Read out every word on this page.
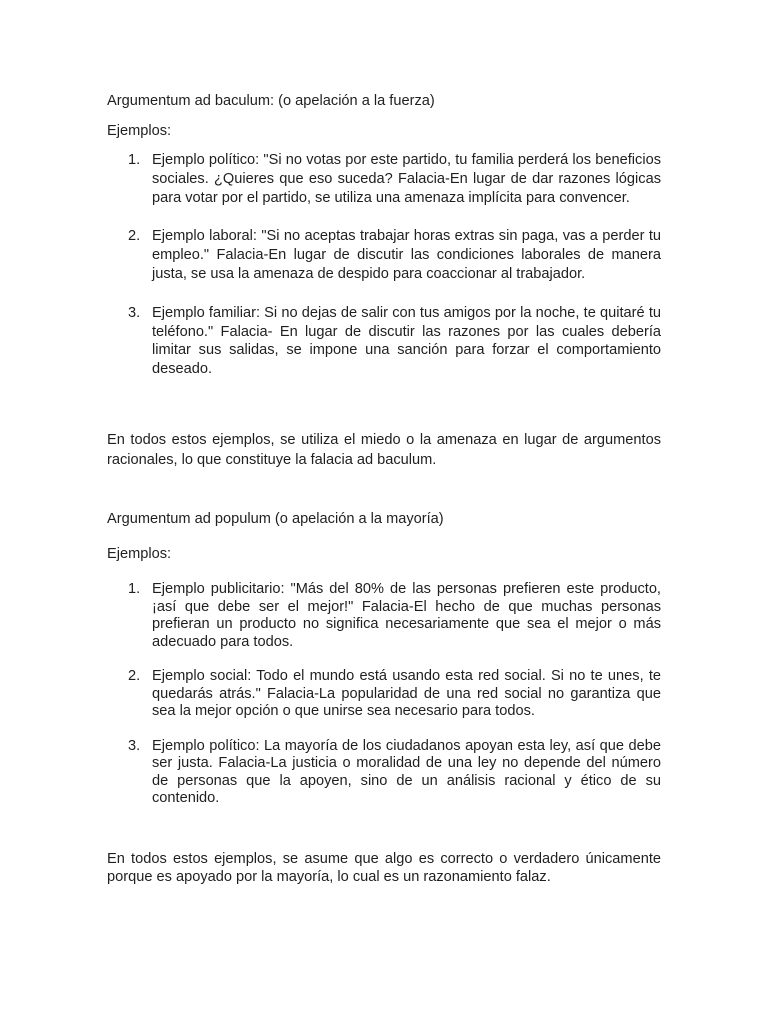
Argumentum ad baculum: (o apelación a la fuerza)
Ejemplos:
1. Ejemplo político: "Si no votas por este partido, tu familia perderá los beneficios sociales. ¿Quieres que eso suceda? Falacia-En lugar de dar razones lógicas para votar por el partido, se utiliza una amenaza implícita para convencer.
2. Ejemplo laboral: "Si no aceptas trabajar horas extras sin paga, vas a perder tu empleo." Falacia-En lugar de discutir las condiciones laborales de manera justa, se usa la amenaza de despido para coaccionar al trabajador.
3. Ejemplo familiar: Si no dejas de salir con tus amigos por la noche, te quitaré tu teléfono." Falacia- En lugar de discutir las razones por las cuales debería limitar sus salidas, se impone una sanción para forzar el comportamiento deseado.
En todos estos ejemplos, se utiliza el miedo o la amenaza en lugar de argumentos racionales, lo que constituye la falacia ad baculum.
Argumentum ad populum (o apelación a la mayoría)
Ejemplos:
1. Ejemplo publicitario: "Más del 80% de las personas prefieren este producto, ¡así que debe ser el mejor!" Falacia-El hecho de que muchas personas prefieran un producto no significa necesariamente que sea el mejor o más adecuado para todos.
2. Ejemplo social: Todo el mundo está usando esta red social. Si no te unes, te quedarás atrás." Falacia-La popularidad de una red social no garantiza que sea la mejor opción o que unirse sea necesario para todos.
3. Ejemplo político: La mayoría de los ciudadanos apoyan esta ley, así que debe ser justa. Falacia-La justicia o moralidad de una ley no depende del número de personas que la apoyen, sino de un análisis racional y ético de su contenido.
En todos estos ejemplos, se asume que algo es correcto o verdadero únicamente porque es apoyado por la mayoría, lo cual es un razonamiento falaz.
